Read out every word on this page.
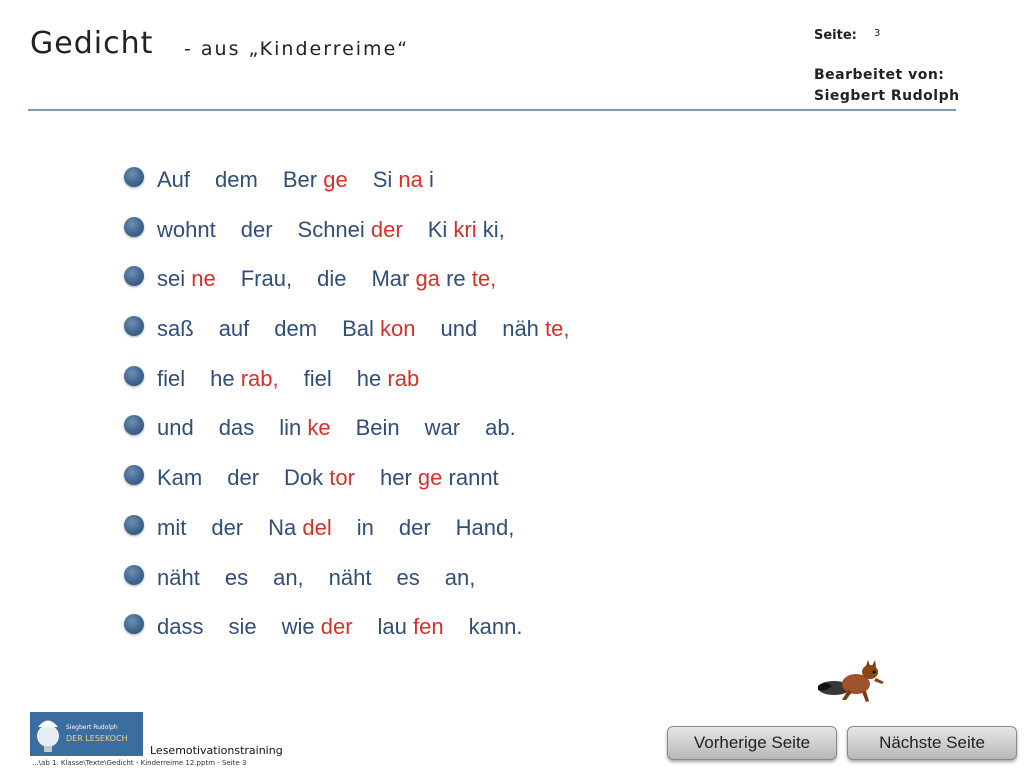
Gedicht - aus „Kinderreime“
Seite: 3
Bearbeitet von:
Siegbert Rudolph
Auf dem Ber ge Si na i
wohnt der Schnei der Ki kri ki,
sei ne Frau, die Mar ga re te,
saß auf dem Bal kon und näh te,
fiel he rab, fiel he rab
und das lin ke Bein war ab.
Kam der Dok tor her ge rannt
mit der Na del in der Hand,
näht es an, näht es an,
dass sie wie der lau fen kann.
Siegbert Rudolph
DER LESEKOCH
Lesemotivationstraining
...\ab 1. Klasse\Texte\Gedicht - Kinderreime 12.pptm - Seite 3
Vorherige Seite	Nächste Seite
